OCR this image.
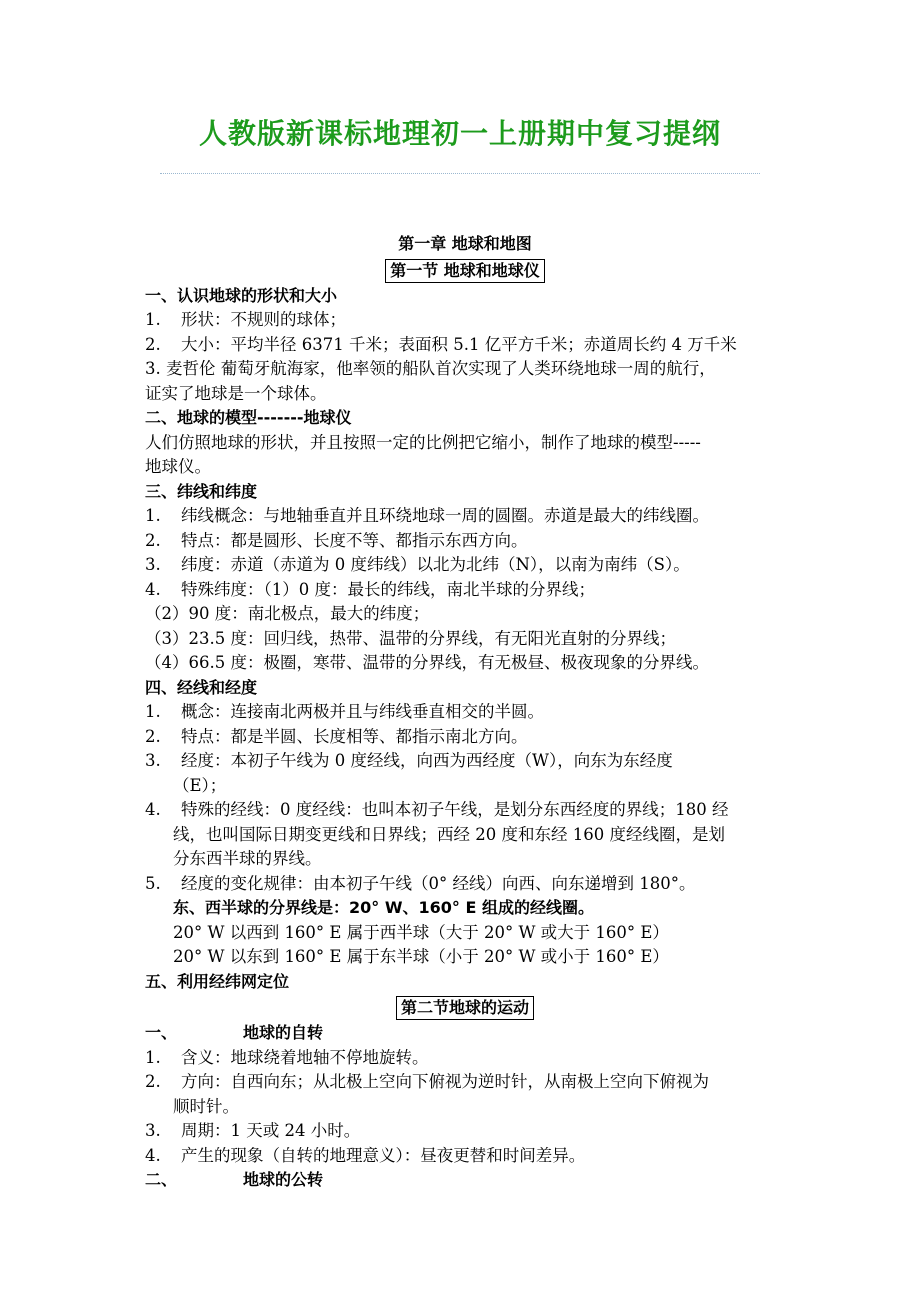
人教版新课标地理初一上册期中复习提纲
第一章 地球和地图
第一节 地球和地球仪
一、认识地球的形状和大小
1. 形状：不规则的球体；
2. 大小：平均半径 6371 千米；表面积 5.1 亿平方千米；赤道周长约 4 万千米
3. 麦哲伦 葡萄牙航海家，他率领的船队首次实现了人类环绕地球一周的航行，
证实了地球是一个球体。
二、地球的模型-------地球仪
人们仿照地球的形状，并且按照一定的比例把它缩小，制作了地球的模型-----
地球仪。
三、纬线和纬度
1. 纬线概念：与地轴垂直并且环绕地球一周的圆圈。赤道是最大的纬线圈。
2. 特点：都是圆形、长度不等、都指示东西方向。
3. 纬度：赤道（赤道为 0 度纬线）以北为北纬（N），以南为南纬（S）。
4. 特殊纬度：（1）0 度：最长的纬线，南北半球的分界线；
（2）90 度：南北极点，最大的纬度；
（3）23.5 度：回归线，热带、温带的分界线，有无阳光直射的分界线；
（4）66.5 度：极圈，寒带、温带的分界线，有无极昼、极夜现象的分界线。
四、经线和经度
1. 概念：连接南北两极并且与纬线垂直相交的半圆。
2. 特点：都是半圆、长度相等、都指示南北方向。
3. 经度：本初子午线为 0 度经线，向西为西经度（W），向东为东经度
（E）；
4. 特殊的经线：0 度经线：也叫本初子午线，是划分东西经度的界线；180 经
线，也叫国际日期变更线和日界线；西经 20 度和东经 160 度经线圈，是划
分东西半球的界线。
5. 经度的变化规律：由本初子午线（0° 经线）向西、向东递增到 180°。
东、西半球的分界线是：20° W、160° E 组成的经线圈。
20° W 以西到 160° E 属于西半球（大于 20° W 或大于 160° E）
20° W 以东到 160° E 属于东半球（小于 20° W 或小于 160° E）
五、利用经纬网定位
第二节地球的运动
一、	地球的自转
1. 含义：地球绕着地轴不停地旋转。
2. 方向：自西向东；从北极上空向下俯视为逆时针，从南极上空向下俯视为
顺时针。
3. 周期：1 天或 24 小时。
4. 产生的现象（自转的地理意义）：昼夜更替和时间差异。
二、	地球的公转
